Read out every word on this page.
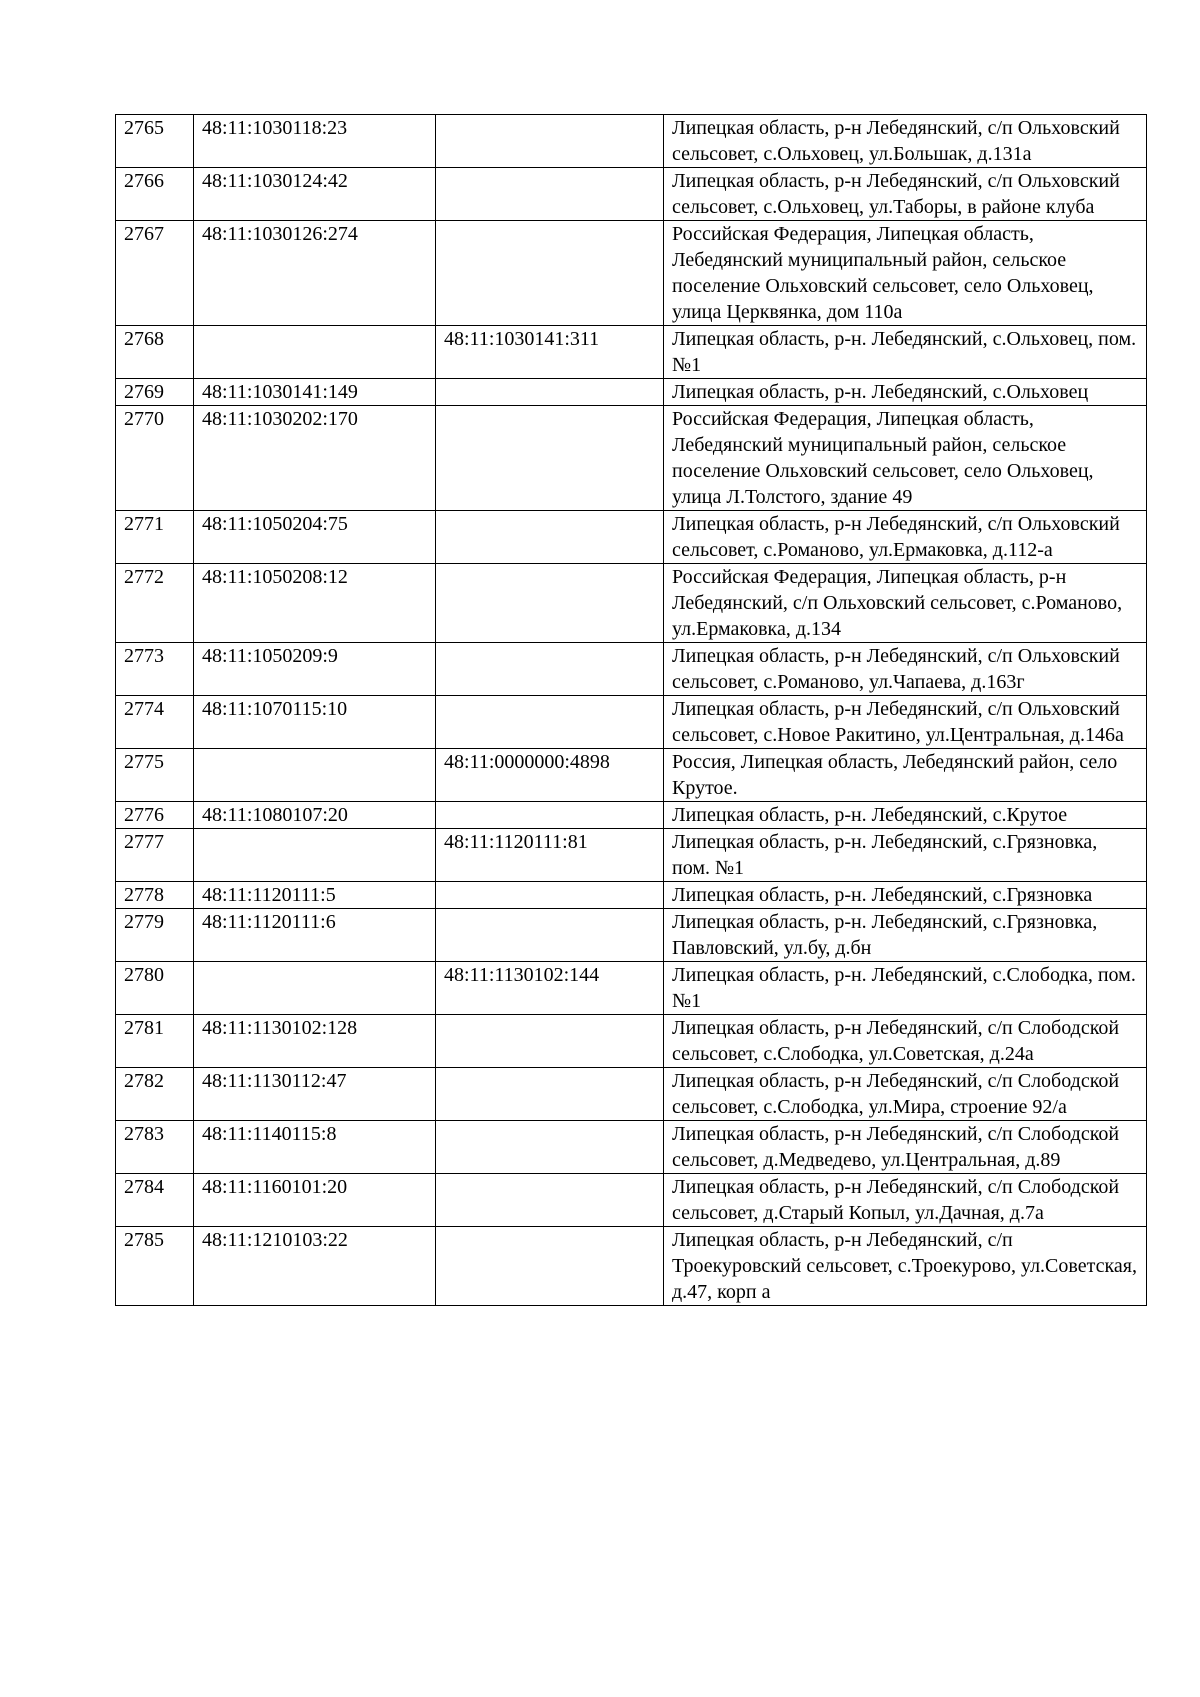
2765	48:11:1030118:23		Липецкая область, р-н Лебедянский, с/п Ольховский сельсовет, с.Ольховец, ул.Большак, д.131а
2766	48:11:1030124:42		Липецкая область, р-н Лебедянский, с/п Ольховский сельсовет, с.Ольховец, ул.Таборы, в районе клуба
2767	48:11:1030126:274		Российская Федерация, Липецкая область, Лебедянский муниципальный район, сельское поселение Ольховский сельсовет, село Ольховец, улица Церквянка, дом 110а
2768		48:11:1030141:311	Липецкая область, р-н. Лебедянский, с.Ольховец, пом. №1
2769	48:11:1030141:149		Липецкая область, р-н. Лебедянский, с.Ольховец
2770	48:11:1030202:170		Российская Федерация, Липецкая область, Лебедянский муниципальный район, сельское поселение Ольховский сельсовет, село Ольховец, улица Л.Толстого, здание 49
2771	48:11:1050204:75		Липецкая область, р-н Лебедянский, с/п Ольховский сельсовет, с.Романово, ул.Ермаковка, д.112-а
2772	48:11:1050208:12		Российская Федерация, Липецкая область, р-н Лебедянский, с/п Ольховский сельсовет, с.Романово, ул.Ермаковка, д.134
2773	48:11:1050209:9		Липецкая область, р-н Лебедянский, с/п Ольховский сельсовет, с.Романово, ул.Чапаева, д.163г
2774	48:11:1070115:10		Липецкая область, р-н Лебедянский, с/п Ольховский сельсовет, с.Новое Ракитино, ул.Центральная, д.146а
2775		48:11:0000000:4898	Россия, Липецкая область, Лебедянский район, село Крутое.
2776	48:11:1080107:20		Липецкая область, р-н. Лебедянский, с.Крутое
2777		48:11:1120111:81	Липецкая область, р-н. Лебедянский, с.Грязновка, пом. №1
2778	48:11:1120111:5		Липецкая область, р-н. Лебедянский, с.Грязновка
2779	48:11:1120111:6		Липецкая область, р-н. Лебедянский, с.Грязновка, Павловский, ул.бу, д.бн
2780		48:11:1130102:144	Липецкая область, р-н. Лебедянский, с.Слободка, пом. №1
2781	48:11:1130102:128		Липецкая область, р-н Лебедянский, с/п Слободской сельсовет, с.Слободка, ул.Советская, д.24а
2782	48:11:1130112:47		Липецкая область, р-н Лебедянский, с/п Слободской сельсовет, с.Слободка, ул.Мира, строение 92/а
2783	48:11:1140115:8		Липецкая область, р-н Лебедянский, с/п Слободской сельсовет, д.Медведево, ул.Центральная, д.89
2784	48:11:1160101:20		Липецкая область, р-н Лебедянский, с/п Слободской сельсовет, д.Старый Копыл, ул.Дачная, д.7а
2785	48:11:1210103:22		Липецкая область, р-н Лебедянский, с/п Троекуровский сельсовет, с.Троекурово, ул.Советская, д.47, корп а
